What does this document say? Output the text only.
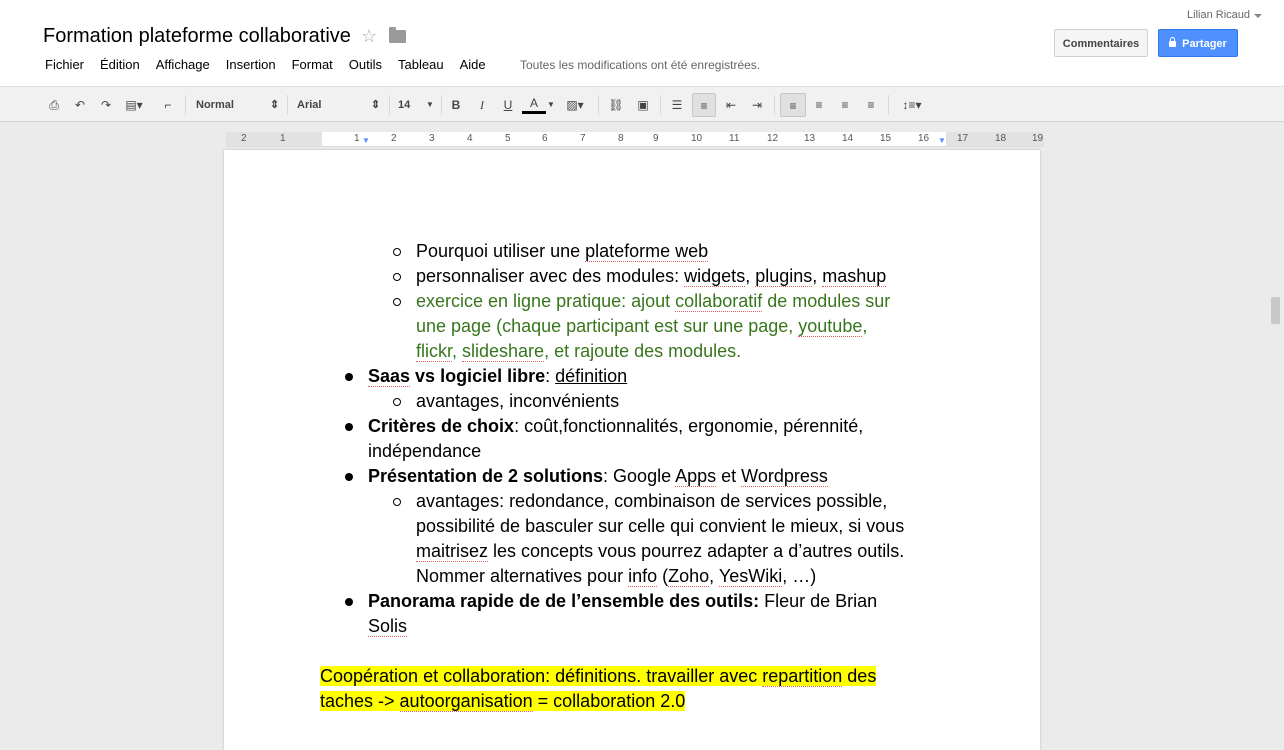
Formation plateforme collaborative ☆
Lilian Ricaud
Commentaires	Partager
Fichier Édition Affichage Insertion Format Outils Tableau Aide	Toutes les modifications ont été enregistrées.
⎙ ↶ ↷ ▤▾	⌐	Normal	⇕ Arial	⇕ 14 ▼	B	I	U	A	▼ ▨▾	⛓ ▣	☰	≡	⇤	⇥	≡	≡	≡	≡	↕≡▾
2	1	1	2	3	4	5	6	7	8	9	10	11	12	13	14	15	16	17	18	19
▼	▼
Pourquoi utiliser une plateforme web
personnaliser avec des modules: widgets, plugins, mashup
exercice en ligne pratique: ajout collaboratif de modules sur
une page (chaque participant est sur une page, youtube,
flickr, slideshare, et rajoute des modules.
Saas vs logiciel libre: définition
avantages, inconvénients
Critères de choix: coût,fonctionnalités, ergonomie, pérennité,
indépendance
Présentation de 2 solutions: Google Apps et Wordpress
avantages: redondance, combinaison de services possible,
possibilité de basculer sur celle qui convient le mieux, si vous
maitrisez les concepts vous pourrez adapter a d’autres outils.
Nommer alternatives pour info (Zoho, YesWiki, …)
Panorama rapide de de l’ensemble des outils: Fleur de Brian
Solis
Coopération et collaboration: définitions. travailler avec repartition des
taches -> autoorganisation = collaboration 2.0
